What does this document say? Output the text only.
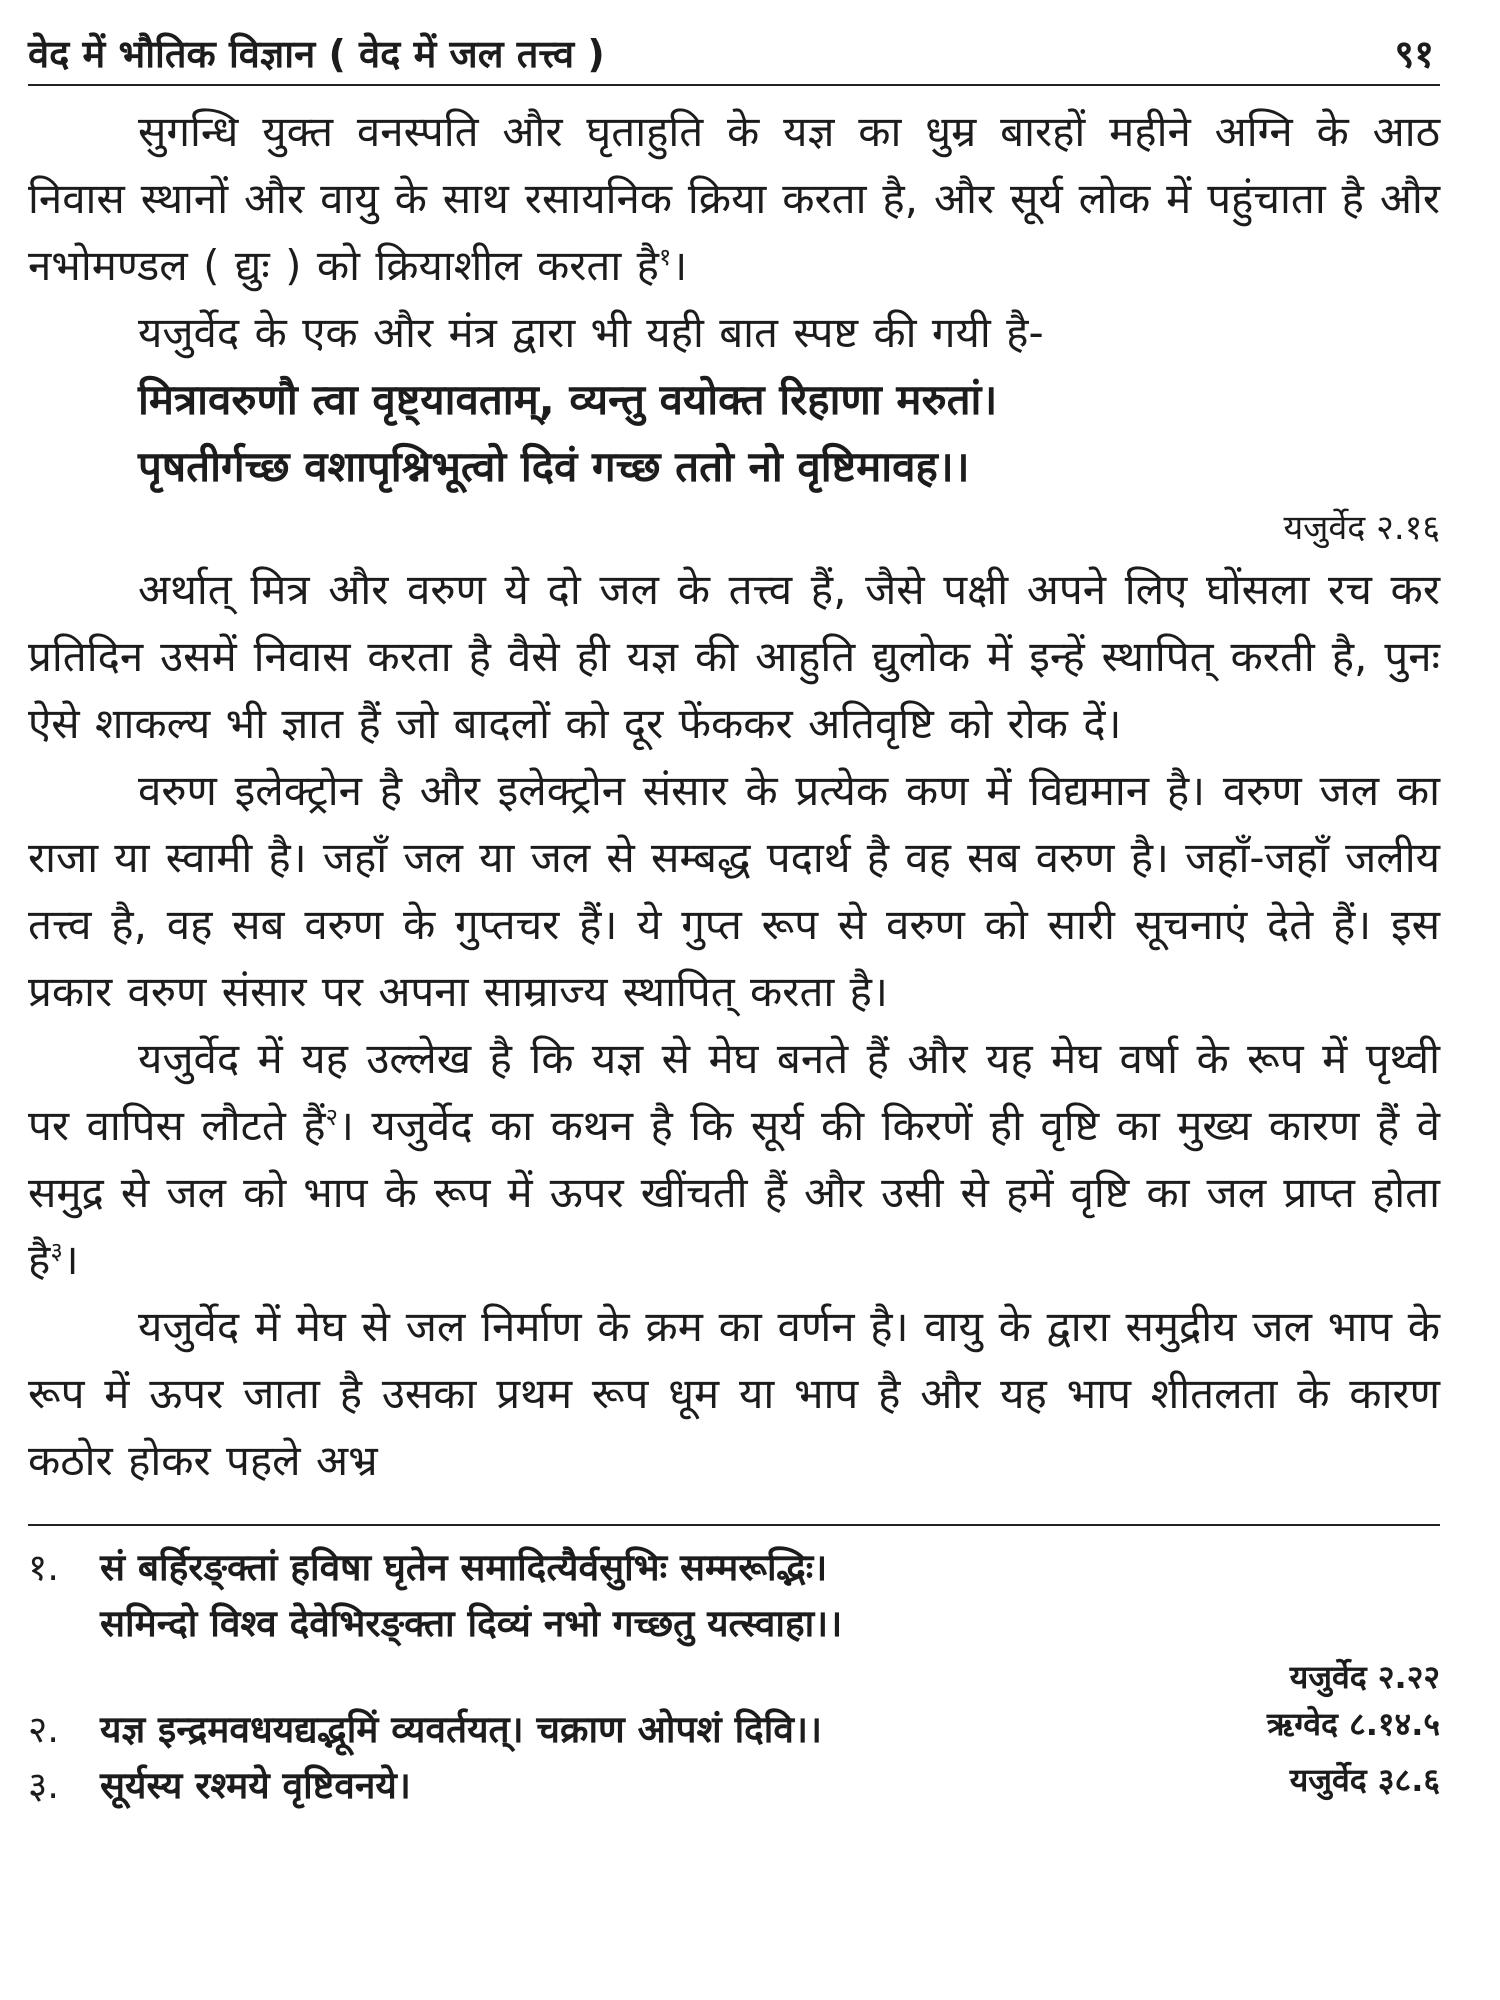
वेद में भौतिक विज्ञान ( वेद में जल तत्त्व )	९१

सुगन्धि युक्त वनस्पति और घृताहुति के यज्ञ का धुम्र बारहों महीने अग्नि के आठ निवास स्थानों और वायु के साथ रसायनिक क्रिया करता है, और सूर्य लोक में पहुंचाता है और नभोमण्डल ( द्युः ) को क्रियाशील करता है$^१$।

यजुर्वेद के एक और मंत्र द्वारा भी यही बात स्पष्ट की गयी है-

मित्रावरुणौ त्वा वृष्ट्यावताम्, व्यन्तु वयोक्त रिहाणा मरुतां।

पृषतीर्गच्छ वशापृश्निभूत्वो दिवं गच्छ ततो नो वृष्टिमावह।।

यजुर्वेद २.१६

अर्थात् मित्र और वरुण ये दो जल के तत्त्व हैं, जैसे पक्षी अपने लिए घोंसला रच कर प्रतिदिन उसमें निवास करता है वैसे ही यज्ञ की आहुति द्युलोक में इन्हें स्थापित् करती है, पुनः ऐसे शाकल्य भी ज्ञात हैं जो बादलों को दूर फेंककर अतिवृष्टि को रोक दें।

वरुण इलेक्ट्रोन है और इलेक्ट्रोन संसार के प्रत्येक कण में विद्यमान है। वरुण जल का राजा या स्वामी है। जहाँ जल या जल से सम्बद्ध पदार्थ है वह सब वरुण है। जहाँ-जहाँ जलीय तत्त्व है, वह सब वरुण के गुप्तचर हैं। ये गुप्त रूप से वरुण को सारी सूचनाएं देते हैं। इस प्रकार वरुण संसार पर अपना साम्राज्य स्थापित् करता है।

यजुर्वेद में यह उल्लेख है कि यज्ञ से मेघ बनते हैं और यह मेघ वर्षा के रूप में पृथ्वी पर वापिस लौटते हैं$^२$। यजुर्वेद का कथन है कि सूर्य की किरणें ही वृष्टि का मुख्य कारण हैं वे समुद्र से जल को भाप के रूप में ऊपर खींचती हैं और उसी से हमें वृष्टि का जल प्राप्त होता है$^३$।

यजुर्वेद में मेघ से जल निर्माण के क्रम का वर्णन है। वायु के द्वारा समुद्रीय जल भाप के रूप में ऊपर जाता है उसका प्रथम रूप धूम या भाप है और यह भाप शीतलता के कारण कठोर होकर पहले अभ्र

१.	सं बर्हिरङ्क्तां हविषा घृतेन समादित्यैर्वसुभिः सम्मरूद्भिः।
समिन्दो विश्व देवेभिरङ्क्ता दिव्यं नभो गच्छतु यत्स्वाहा।।
यजुर्वेद २.२२
२.	यज्ञ इन्द्रमवधयद्यद्भूमिं व्यवर्तयत्। चक्राण ओपशं दिवि।।	ऋग्वेद ८.१४.५
३.	सूर्यस्य रश्मये वृष्टिवनये।	यजुर्वेद ३८.६
